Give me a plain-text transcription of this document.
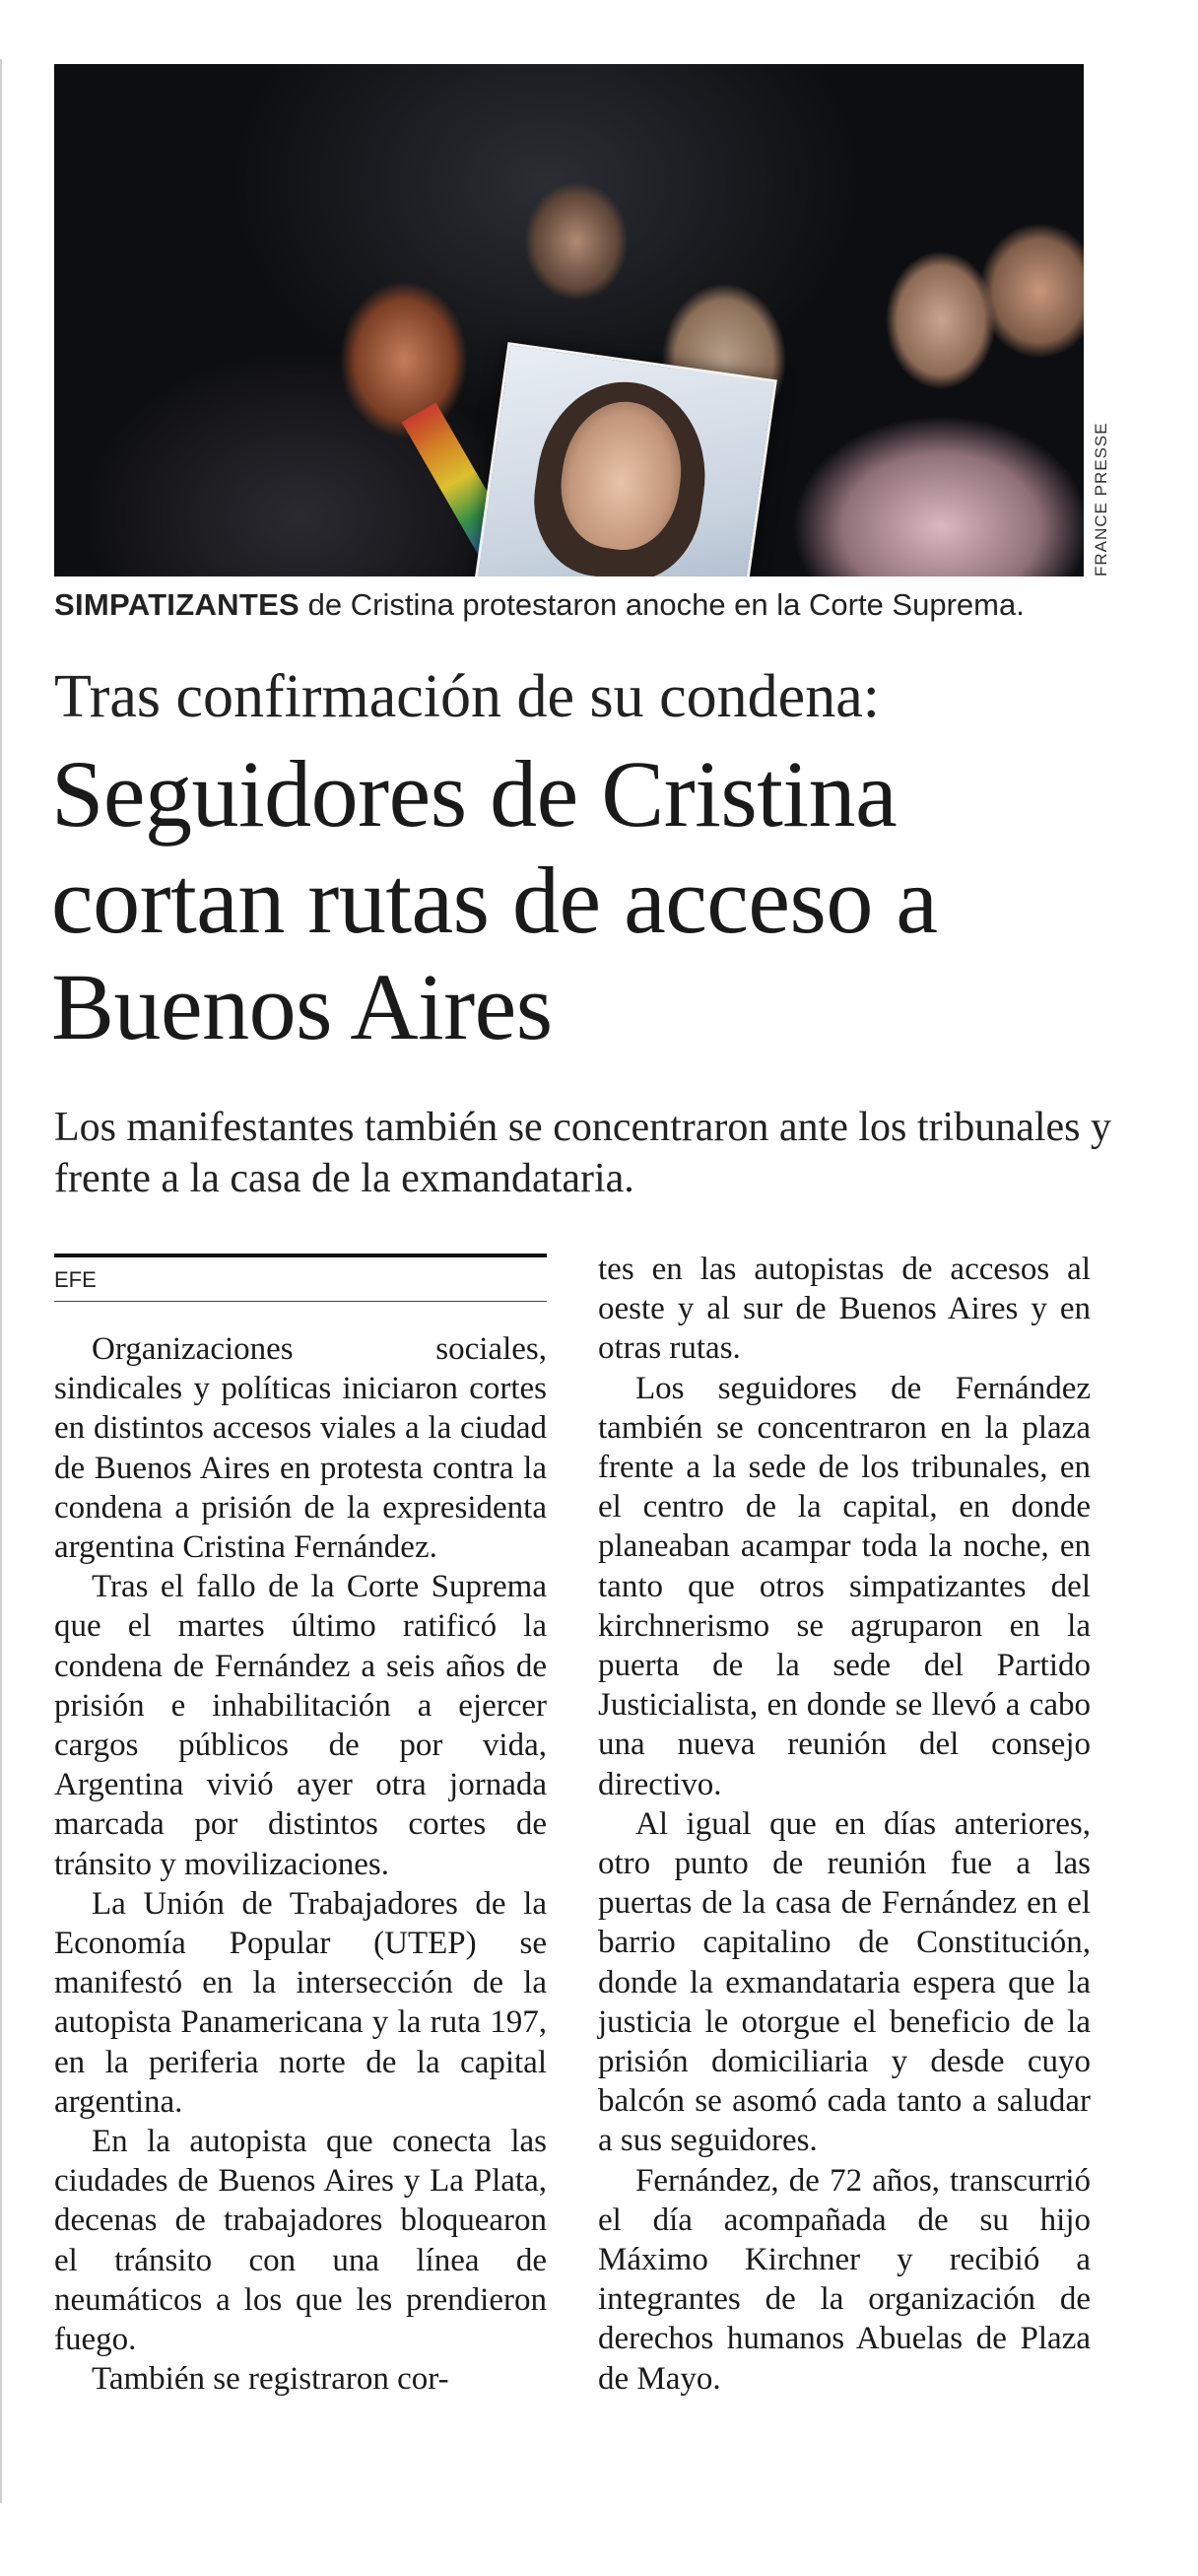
FRANCE PRESSE
SIMPATIZANTES de Cristina protestaron anoche en la Corte Suprema.
Tras confirmación de su condena:
Seguidores de Cristina cortan rutas de acceso a Buenos Aires
Los manifestantes también se concentraron ante los tribunales y frente a la casa de la exmandataria.
EFE

Organizaciones sociales, sindicales y políticas iniciaron cortes en distintos accesos viales a la ciudad de Buenos Aires en protesta contra la condena a prisión de la expresidenta argentina Cristina Fernández.

Tras el fallo de la Corte Suprema que el martes último ratificó la condena de Fernández a seis años de prisión e inhabilitación a ejercer cargos públicos de por vida, Argentina vivió ayer otra jornada marcada por distintos cortes de tránsito y movilizaciones.

La Unión de Trabajadores de la Economía Popular (UTEP) se manifestó en la intersección de la autopista Panamericana y la ruta 197, en la periferia norte de la capital argentina.

En la autopista que conecta las ciudades de Buenos Aires y La Plata, decenas de trabajadores bloquearon el tránsito con una línea de neumáticos a los que les prendieron fuego.

También se registraron cor-

tes en las autopistas de accesos al oeste y al sur de Buenos Aires y en otras rutas.

Los seguidores de Fernández también se concentraron en la plaza frente a la sede de los tribunales, en el centro de la capital, en donde planeaban acampar toda la noche, en tanto que otros simpatizantes del kirchnerismo se agruparon en la puerta de la sede del Partido Justicialista, en donde se llevó a cabo una nueva reunión del consejo directivo.

Al igual que en días anteriores, otro punto de reunión fue a las puertas de la casa de Fernández en el barrio capitalino de Constitución, donde la exmandataria espera que la justicia le otorgue el beneficio de la prisión domiciliaria y desde cuyo balcón se asomó cada tanto a saludar a sus seguidores.

Fernández, de 72 años, transcurrió el día acompañada de su hijo Máximo Kirchner y recibió a integrantes de la organización de derechos humanos Abuelas de Plaza de Mayo.
